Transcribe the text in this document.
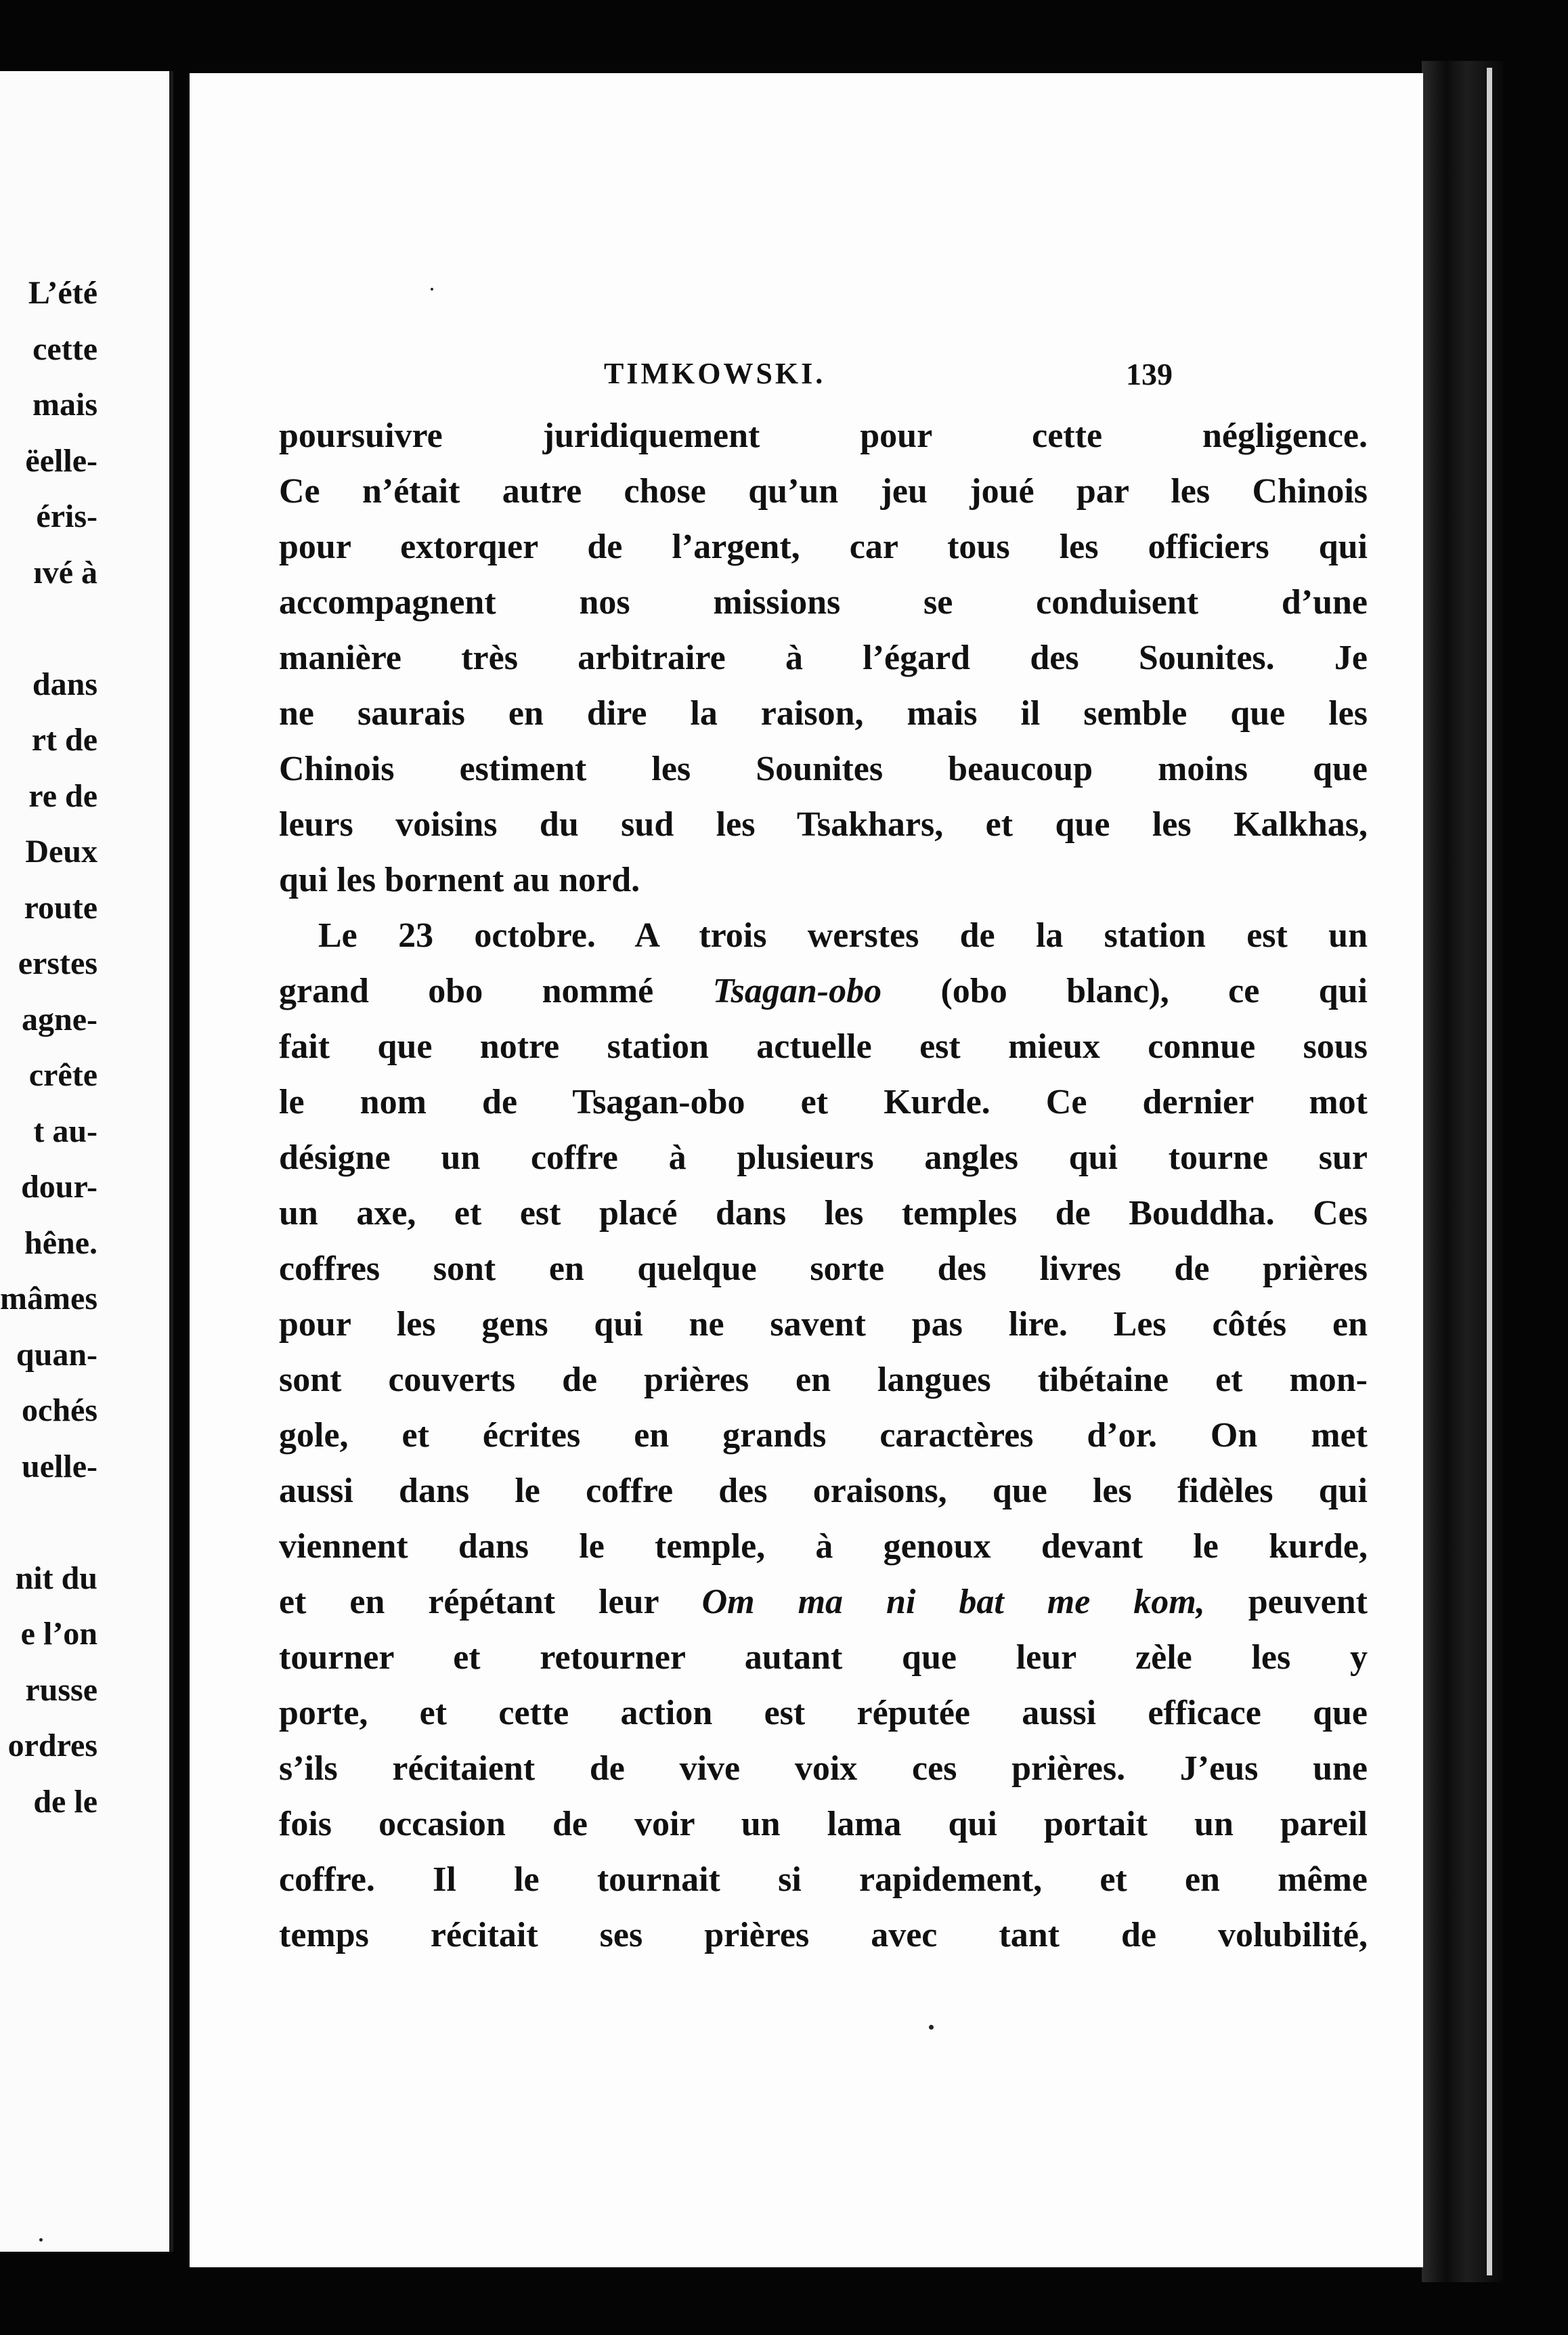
L’été
cette
mais
ëelle-
éris-
ıvé à
dans
rt de
re de
Deux
route
erstes
agne-
crête
t au-
dour-
hêne.
mâmes
quan-
ochés
uelle-
nit du
e l’on
russe
ordres
de le
TIMKOWSKI.	139
poursuivre juridiquement pour cette négligence.
Ce n’était autre chose qu’un jeu joué par les Chinois
pour extorqıer de l’argent, car tous les officiers qui
accompagnent nos missions se conduisent d’une
manière très arbitraire à l’égard des Sounites. Je
ne saurais en dire la raison, mais il semble que les
Chinois estiment les Sounites beaucoup moins que
leurs voisins du sud les Tsakhars, et que les Kalkhas,
qui les bornent au nord.
Le 23 octobre. A trois werstes de la station est un
grand obo nommé Tsagan-obo (obo blanc), ce qui
fait que notre station actuelle est mieux connue sous
le nom de Tsagan-obo et Kurde. Ce dernier mot
désigne un coffre à plusieurs angles qui tourne sur
un axe, et est placé dans les temples de Bouddha. Ces
coffres sont en quelque sorte des livres de prières
pour les gens qui ne savent pas lire. Les côtés en
sont couverts de prières en langues tibétaine et mon-
gole, et écrites en grands caractères d’or. On met
aussi dans le coffre des oraisons, que les fidèles qui
viennent dans le temple, à genoux devant le kurde,
et en répétant leur Om ma ni bat me kom, peuvent
tourner et retourner autant que leur zèle les y
porte, et cette action est réputée aussi efficace que
s’ils récitaient de vive voix ces prières. J’eus une
fois occasion de voir un lama qui portait un pareil
coffre. Il le tournait si rapidement, et en même
temps récitait ses prières avec tant de volubilité,
